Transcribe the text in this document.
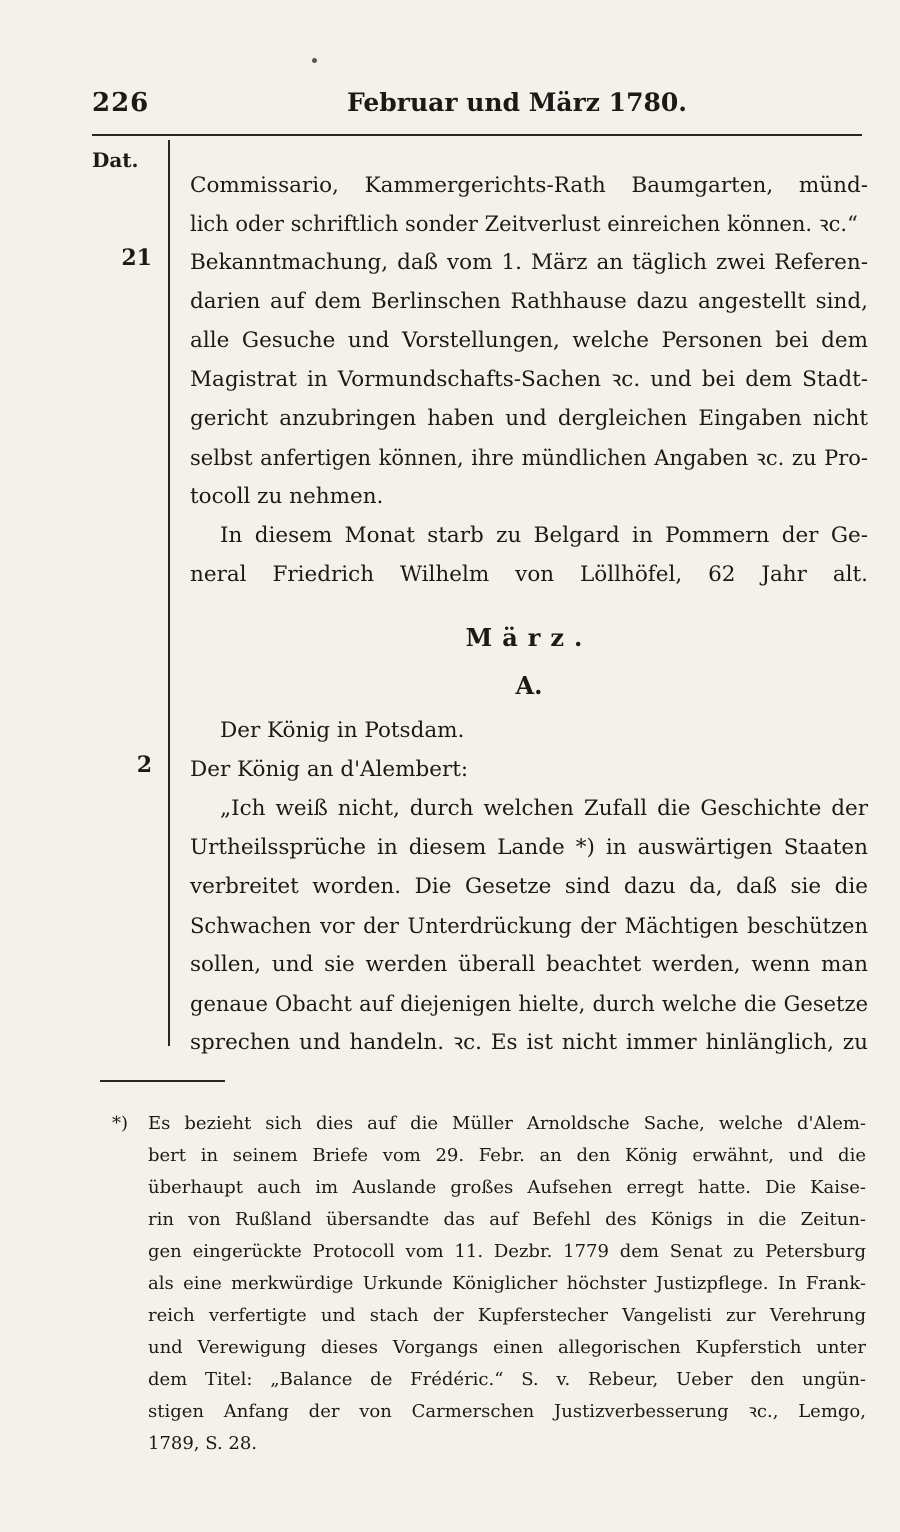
226	Februar und März 1780.
Dat.
21
2
Commissario, Kammergerichts-Rath Baumgarten, münd-
lich oder schriftlich sonder Zeitverlust einreichen können. ꝛc.“
Bekanntmachung, daß vom 1. März an täglich zwei Referen-
darien auf dem Berlinschen Rathhause dazu angestellt sind,
alle Gesuche und Vorstellungen, welche Personen bei dem
Magistrat in Vormundschafts-Sachen ꝛc. und bei dem Stadt-
gericht anzubringen haben und dergleichen Eingaben nicht
selbst anfertigen können, ihre mündlichen Angaben ꝛc. zu Pro-
tocoll zu nehmen.
In diesem Monat starb zu Belgard in Pommern der Ge-
neral Friedrich Wilhelm von Löllhöfel, 62 Jahr alt.
März.
A.
Der König in Potsdam.
Der König an d'Alembert:
„Ich weiß nicht, durch welchen Zufall die Geschichte der
Urtheilssprüche in diesem Lande *) in auswärtigen Staaten
verbreitet worden. Die Gesetze sind dazu da, daß sie die
Schwachen vor der Unterdrückung der Mächtigen beschützen
sollen, und sie werden überall beachtet werden, wenn man
genaue Obacht auf diejenigen hielte, durch welche die Gesetze
sprechen und handeln. ꝛc. Es ist nicht immer hinlänglich, zu
*) Es bezieht sich dies auf die Müller Arnoldsche Sache, welche d'Alem-
bert in seinem Briefe vom 29. Febr. an den König erwähnt, und die
überhaupt auch im Auslande großes Aufsehen erregt hatte. Die Kaise-
rin von Rußland übersandte das auf Befehl des Königs in die Zeitun-
gen eingerückte Protocoll vom 11. Dezbr. 1779 dem Senat zu Petersburg
als eine merkwürdige Urkunde Königlicher höchster Justizpflege. In Frank-
reich verfertigte und stach der Kupferstecher Vangelisti zur Verehrung
und Verewigung dieses Vorgangs einen allegorischen Kupferstich unter
dem Titel: „Balance de Frédéric.“ S. v. Rebeur, Ueber den ungün-
stigen Anfang der von Carmerschen Justizverbesserung ꝛc., Lemgo,
1789, S. 28.
